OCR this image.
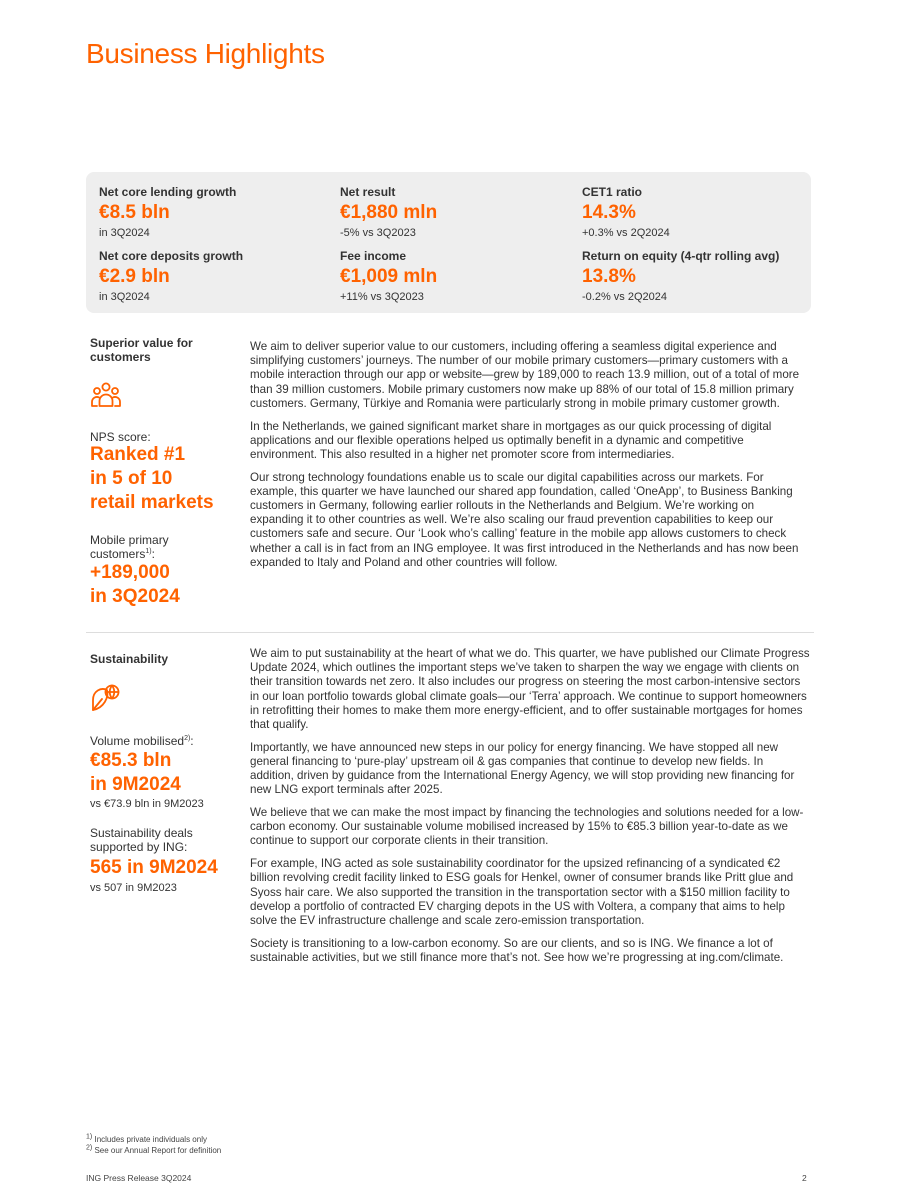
Business Highlights
Net core lending growth
€8.5 bln
in 3Q2024
Net result
€1,880 mln
-5% vs 3Q2023
CET1 ratio
14.3%
+0.3% vs 2Q2024
Net core deposits growth
€2.9 bln
in 3Q2024
Fee income
€1,009 mln
+11% vs 3Q2023
Return on equity (4-qtr rolling avg)
13.8%
-0.2% vs 2Q2024
Superior value for
customers
NPS score:
Ranked #1
in 5 of 10
retail markets
Mobile primary
customers$^{1)}$:
+189,000
in 3Q2024

We aim to deliver superior value to our customers, including offering a seamless digital experience and simplifying customers’ journeys. The number of our mobile primary customers—primary customers with a mobile interaction through our app or website—grew by 189,000 to reach 13.9 million, out of a total of more than 39 million customers. Mobile primary customers now make up 88% of our total of 15.8 million primary customers. Germany, Türkiye and Romania were particularly strong in mobile primary customer growth.

In the Netherlands, we gained significant market share in mortgages as our quick processing of digital applications and our flexible operations helped us optimally benefit in a dynamic and competitive environment. This also resulted in a higher net promoter score from intermediaries.

Our strong technology foundations enable us to scale our digital capabilities across our markets. For example, this quarter we have launched our shared app foundation, called ‘OneApp’, to Business Banking customers in Germany, following earlier rollouts in the Netherlands and Belgium. We’re working on expanding it to other countries as well. We’re also scaling our fraud prevention capabilities to keep our customers safe and secure. Our ‘Look who’s calling’ feature in the mobile app allows customers to check whether a call is in fact from an ING employee. It was first introduced in the Netherlands and has now been expanded to Italy and Poland and other countries will follow.

Sustainability
Volume mobilised$^{2)}$:
€85.3 bln
in 9M2024
vs €73.9 bln in 9M2023
Sustainability deals
supported by ING:
565 in 9M2024
vs 507 in 9M2023

We aim to put sustainability at the heart of what we do. This quarter, we have published our Climate Progress Update 2024, which outlines the important steps we’ve taken to sharpen the way we engage with clients on their transition towards net zero. It also includes our progress on steering the most carbon-intensive sectors in our loan portfolio towards global climate goals—our ‘Terra’ approach. We continue to support homeowners in retrofitting their homes to make them more energy-efficient, and to offer sustainable mortgages for homes that qualify.

Importantly, we have announced new steps in our policy for energy financing. We have stopped all new general financing to ‘pure-play’ upstream oil & gas companies that continue to develop new fields. In addition, driven by guidance from the International Energy Agency, we will stop providing new financing for new LNG export terminals after 2025.

We believe that we can make the most impact by financing the technologies and solutions needed for a low-carbon economy. Our sustainable volume mobilised increased by 15% to €85.3 billion year-to-date as we continue to support our corporate clients in their transition.

For example, ING acted as sole sustainability coordinator for the upsized refinancing of a syndicated €2 billion revolving credit facility linked to ESG goals for Henkel, owner of consumer brands like Pritt glue and Syoss hair care. We also supported the transition in the transportation sector with a $150 million facility to develop a portfolio of contracted EV charging depots in the US with Voltera, a company that aims to help solve the EV infrastructure challenge and scale zero-emission transportation.

Society is transitioning to a low-carbon economy. So are our clients, and so is ING. We finance a lot of sustainable activities, but we still finance more that’s not. See how we’re progressing at ing.com/climate.

$^{1)}$ Includes private individuals only
$^{2)}$ See our Annual Report for definition
ING Press Release 3Q2024	2
